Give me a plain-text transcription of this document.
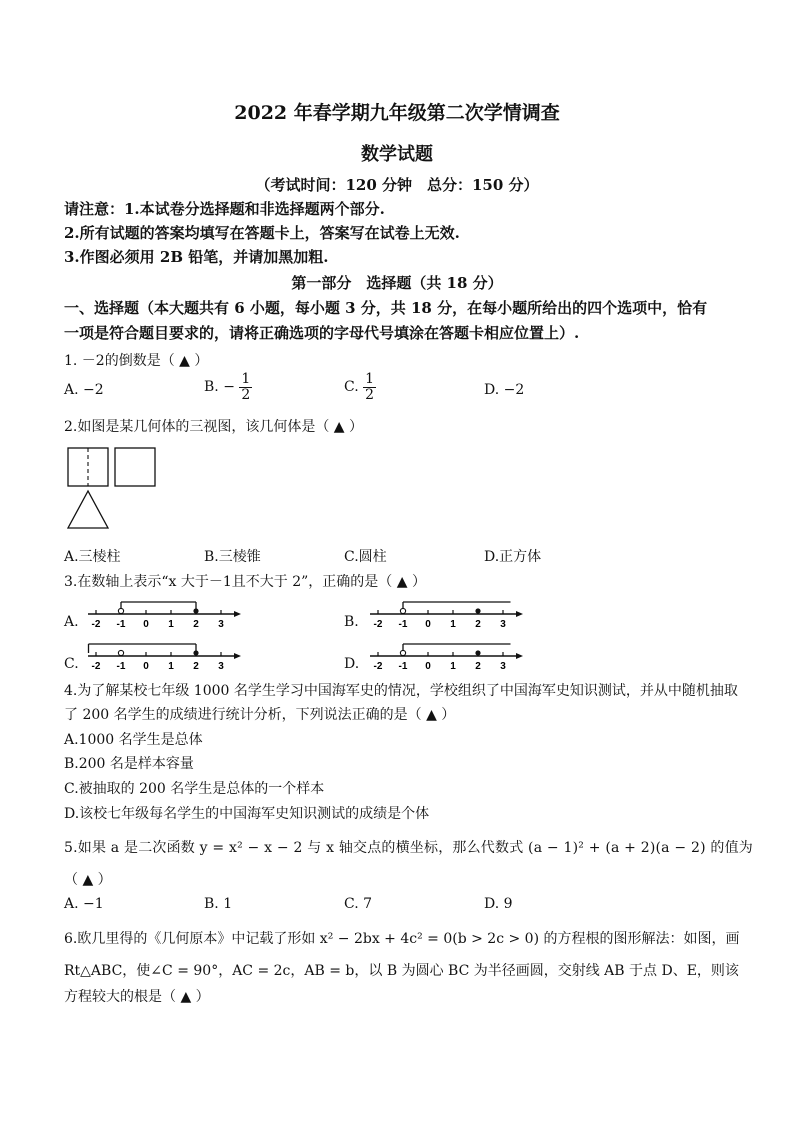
2022 年春学期九年级第二次学情调查
数学试题
（考试时间：120 分钟　总分：150 分）
请注意：1.本试卷分选择题和非选择题两个部分.
2.所有试题的答案均填写在答题卡上，答案写在试卷上无效.
3.作图必须用 2B 铅笔，并请加黑加粗.
第一部分　选择题（共 18 分）
一、选择题（本大题共有 6 小题，每小题 3 分，共 18 分，在每小题所给出的四个选项中，恰有
一项是符合题目要求的，请将正确选项的字母代号填涂在答题卡相应位置上）.
1. －2的倒数是（ ▲ ）
A. −2	B. − $\frac{1}{2}$	C. $\frac{1}{2}$	D. −2
2.如图是某几何体的三视图，该几何体是（ ▲ ）
A.三棱柱	B.三棱锥	C.圆柱	D.正方体
3.在数轴上表示“x 大于－1且不大于 2”，正确的是（ ▲ ）
A. -2 -1 0 1 2 3	B. -2 -1 0 1 2 3
C. -2 -1 0 1 2 3	D. -2 -1 0 1 2 3
4.为了解某校七年级 1000 名学生学习中国海军史的情况，学校组织了中国海军史知识测试，并从中随机抽取
了 200 名学生的成绩进行统计分析，下列说法正确的是（ ▲ ）
A.1000 名学生是总体
B.200 名是样本容量
C.被抽取的 200 名学生是总体的一个样本
D.该校七年级每名学生的中国海军史知识测试的成绩是个体
5.如果 a 是二次函数 y = x² − x − 2 与 x 轴交点的横坐标，那么代数式 (a − 1)² + (a + 2)(a − 2) 的值为
（ ▲ ）
A. −1	B. 1	C. 7	D. 9
6.欧几里得的《几何原本》中记载了形如 x² − 2bx + 4c² = 0(b > 2c > 0) 的方程根的图形解法：如图，画
Rt△ABC，使∠C = 90°，AC = 2c，AB = b，以 B 为圆心 BC 为半径画圆，交射线 AB 于点 D、E，则该
方程较大的根是（ ▲ ）
